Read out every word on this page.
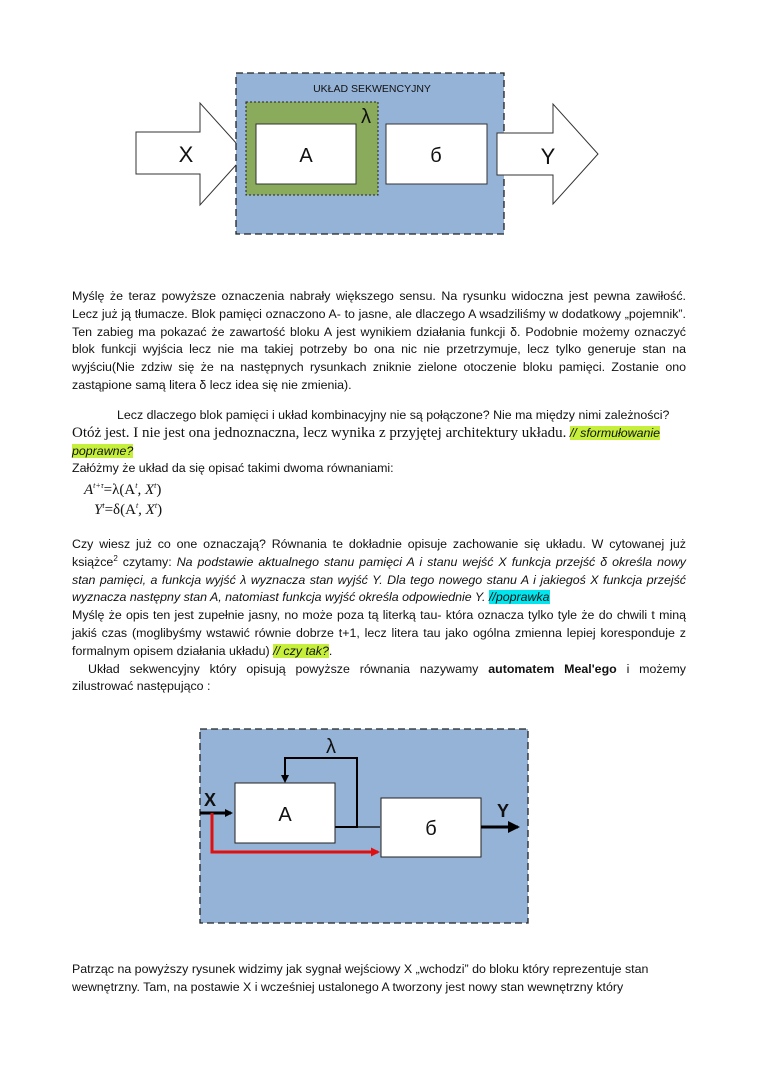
UKŁAD SEKWENCYJNY
λ
X	A	б	Y

Myślę że teraz powyższe oznaczenia nabrały większego sensu. Na rysunku widoczna jest pewna zawiłość. Lecz już ją tłumacze. Blok pamięci oznaczono A- to jasne, ale dlaczego A wsadziliśmy w dodatkowy „pojemnik”. Ten zabieg ma pokazać że zawartość bloku A jest wynikiem działania funkcji δ. Podobnie możemy oznaczyć blok funkcji wyjścia lecz nie ma takiej potrzeby bo ona nic nie przetrzymuje, lecz tylko generuje stan na wyjściu(Nie zdziw się że na następnych rysunkach zniknie zielone otoczenie bloku pamięci. Zostanie ono zastąpione samą litera δ lecz idea się nie zmienia).

Lecz dlaczego blok pamięci i układ kombinacyjny nie są połączone? Nie ma między nimi zależności?

Otóż jest. I nie jest ona jednoznaczna, lecz wynika z przyjętej architektury układu. // sformułowanie poprawne?

Załóżmy że układ da się opisać takimi dwoma równaniami:

$A^{t+\tau}=\lambda(A^t$, $X^t$)
$Y^t=\delta(A^t$, $X^t$)

Czy wiesz już co one oznaczają? Równania te dokładnie opisuje zachowanie się układu. W cytowanej już książce$^2$ czytamy: Na podstawie aktualnego stanu pamięci A i stanu wejść X funkcja przejść δ określa nowy stan pamięci, a funkcja wyjść λ wyznacza stan wyjść Y. Dla tego nowego stanu A i jakiegoś X funkcja przejść wyznacza następny stan A, natomiast funkcja wyjść określa odpowiednie Y. //poprawka

Myślę że opis ten jest zupełnie jasny, no może poza tą literką tau- która oznacza tylko tyle że do chwili t miną jakiś czas (moglibyśmy wstawić równie dobrze t+1, lecz litera tau jako ogólna zmienna lepiej koresponduje z formalnym opisem działania układu) // czy tak?.

Układ sekwencyjny który opisują powyższe równania nazywamy automatem Meal'ego i możemy zilustrować następująco :

λ
X
A
б
Y

Patrząc na powyższy rysunek widzimy jak sygnał wejściowy X „wchodzi” do bloku który reprezentuje stan wewnętrzny. Tam, na postawie X i wcześniej ustalonego A tworzony jest nowy stan wewnętrzny który
